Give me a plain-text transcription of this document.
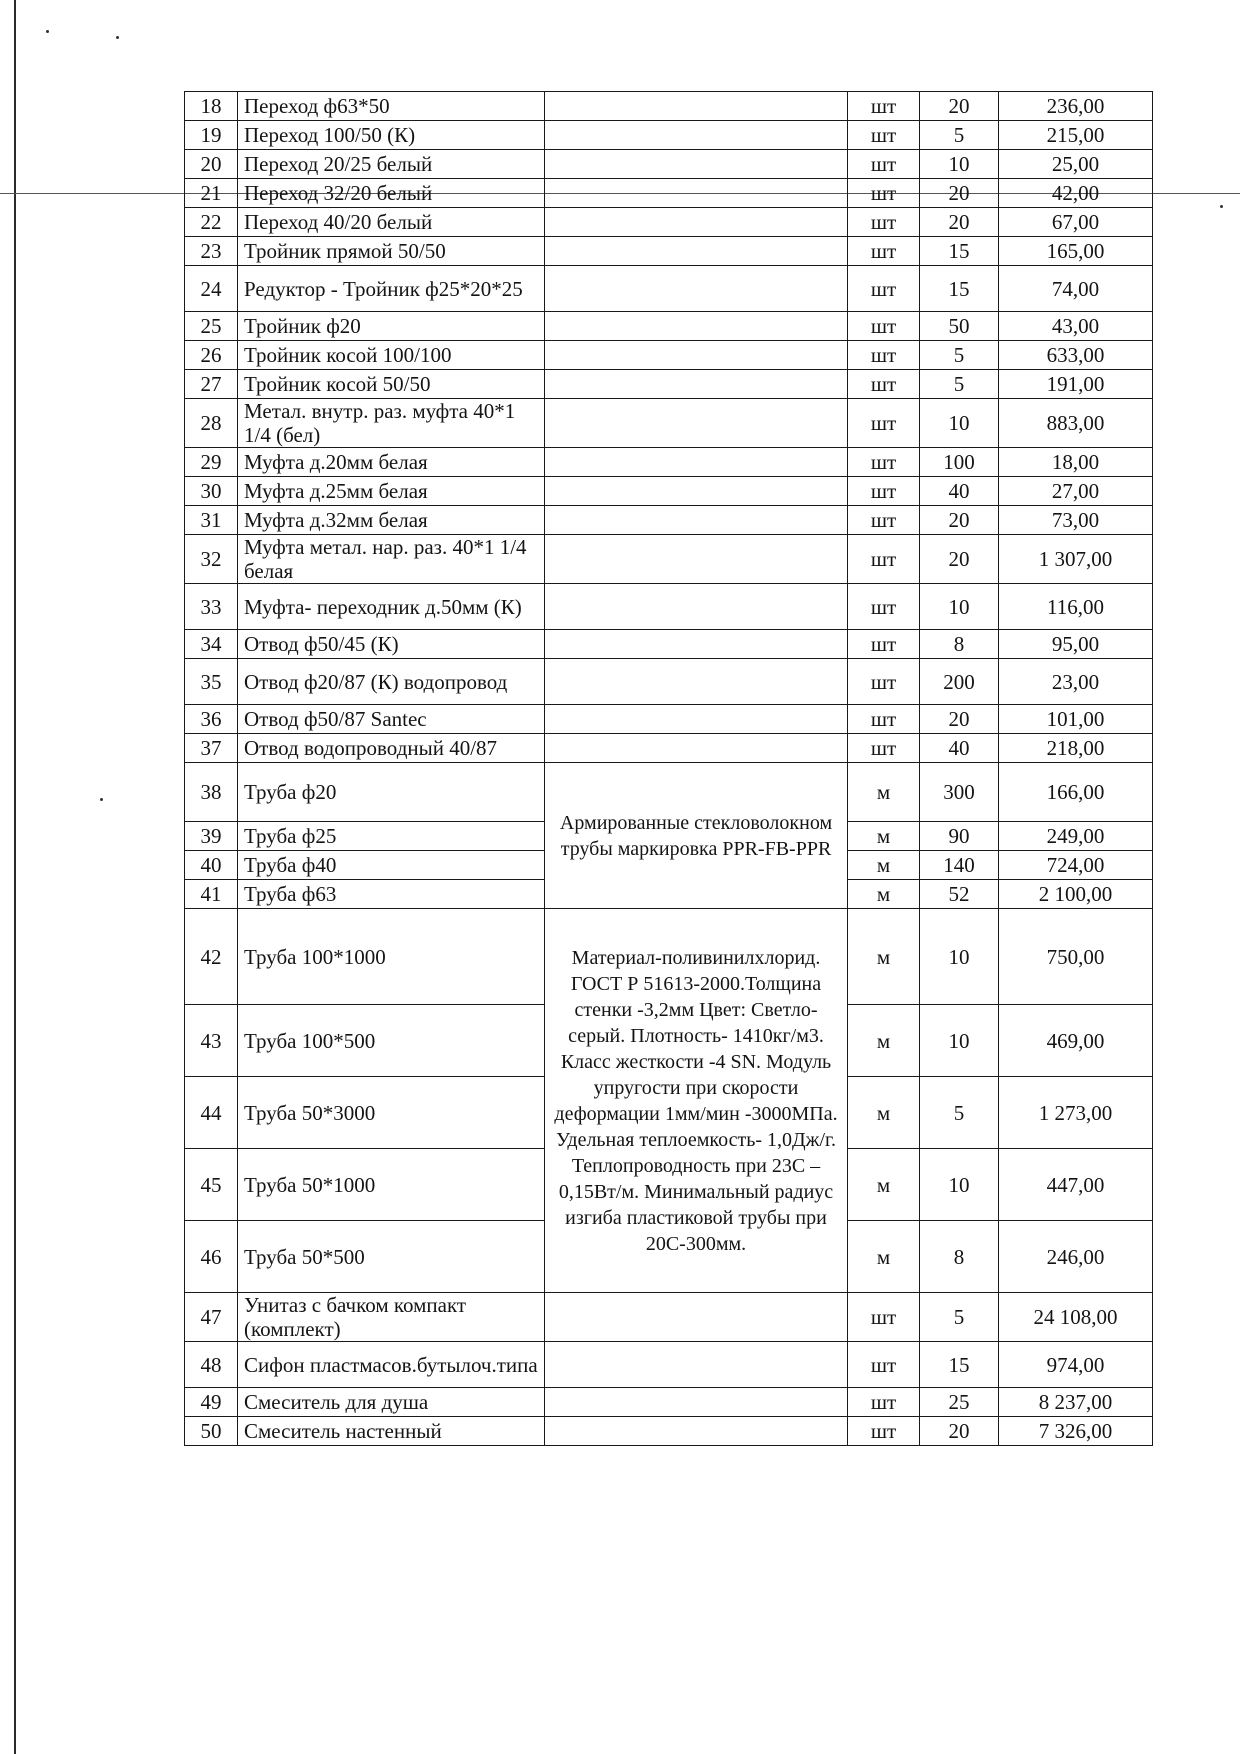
18	Переход ф63*50		шт	20	236,00
19	Переход 100/50 (К)		шт	5	215,00
20	Переход 20/25 белый		шт	10	25,00
21	Переход 32/20 белый		шт	20	42,00
22	Переход 40/20 белый		шт	20	67,00
23	Тройник прямой 50/50		шт	15	165,00
24	Редуктор - Тройник ф25*20*25		шт	15	74,00
25	Тройник ф20		шт	50	43,00
26	Тройник косой 100/100		шт	5	633,00
27	Тройник косой 50/50		шт	5	191,00
28	Метал. внутр. раз. муфта 40*1 1/4 (бел)		шт	10	883,00
29	Муфта д.20мм белая		шт	100	18,00
30	Муфта д.25мм белая		шт	40	27,00
31	Муфта д.32мм белая		шт	20	73,00
32	Муфта метал. нар. раз. 40*1 1/4 белая		шт	20	1 307,00
33	Муфта- переходник д.50мм (К)		шт	10	116,00
34	Отвод ф50/45 (К)		шт	8	95,00
35	Отвод ф20/87 (К) водопровод		шт	200	23,00
36	Отвод ф50/87 Santec		шт	20	101,00
37	Отвод водопроводный 40/87		шт	40	218,00
38	Труба ф20	Армированные стекловолокном трубы маркировка PPR-FB-PPR	м	300	166,00
39	Труба ф25		м	90	249,00
40	Труба ф40		м	140	724,00
41	Труба ф63		м	52	2 100,00
42	Труба 100*1000	Материал-поливинилхлорид. ГОСТ Р 51613-2000.Толщина стенки -3,2мм Цвет: Светло-серый. Плотность- 1410кг/м3. Класс жесткости -4 SN. Модуль упругости при скорости деформации 1мм/мин -3000МПа. Удельная теплоемкость- 1,0Дж/г. Теплопроводность при 23С – 0,15Вт/м. Минимальный радиус изгиба пластиковой трубы при 20С-300мм.	м	10	750,00
43	Труба 100*500		м	10	469,00
44	Труба 50*3000		м	5	1 273,00
45	Труба 50*1000		м	10	447,00
46	Труба 50*500		м	8	246,00
47	Унитаз с бачком компакт (комплект)		шт	5	24 108,00
48	Сифон пластмасов.бутылоч.типа		шт	15	974,00
49	Смеситель для душа		шт	25	8 237,00
50	Смеситель настенный		шт	20	7 326,00
